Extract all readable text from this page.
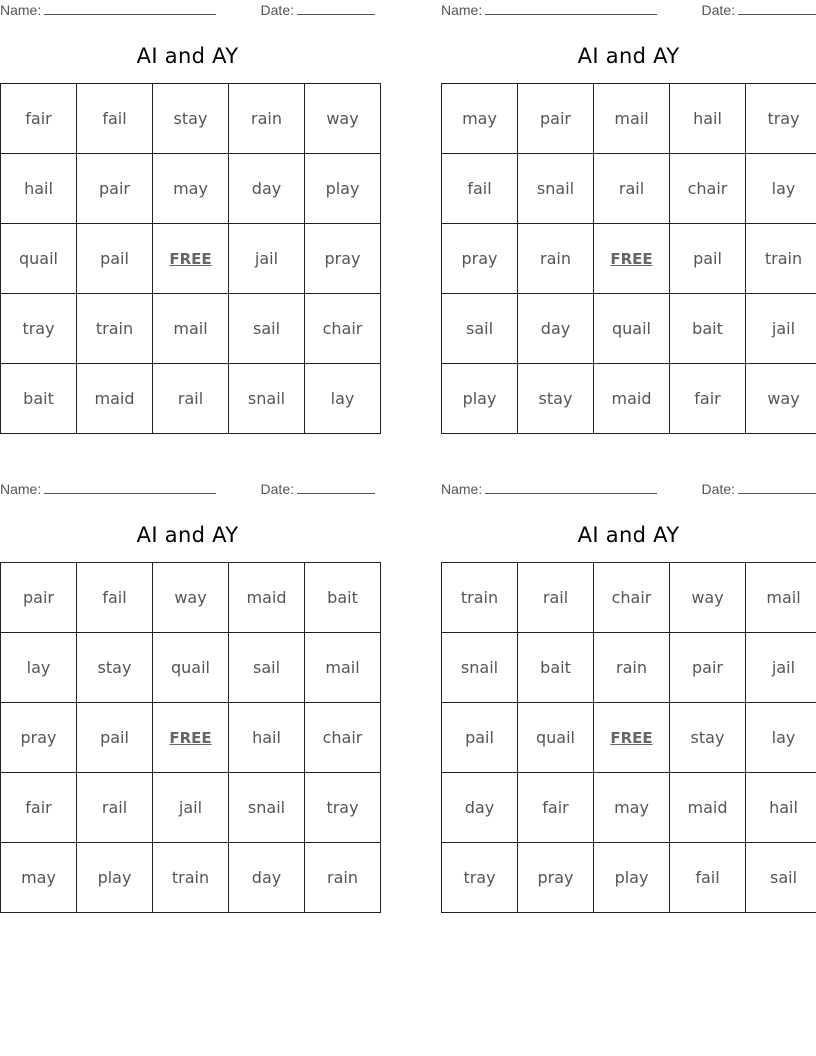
Name:	Date:
AI and AY
fair	fail	stay	rain	way
hail	pair	may	day	play
quail	pail	FREE	jail	pray
tray	train	mail	sail	chair
bait	maid	rail	snail	lay
Name:	Date:
AI and AY
may	pair	mail	hail	tray
fail	snail	rail	chair	lay
pray	rain	FREE	pail	train
sail	day	quail	bait	jail
play	stay	maid	fair	way
Name:	Date:
AI and AY
pair	fail	way	maid	bait
lay	stay	quail	sail	mail
pray	pail	FREE	hail	chair
fair	rail	jail	snail	tray
may	play	train	day	rain
Name:	Date:
AI and AY
train	rail	chair	way	mail
snail	bait	rain	pair	jail
pail	quail	FREE	stay	lay
day	fair	may	maid	hail
tray	pray	play	fail	sail
